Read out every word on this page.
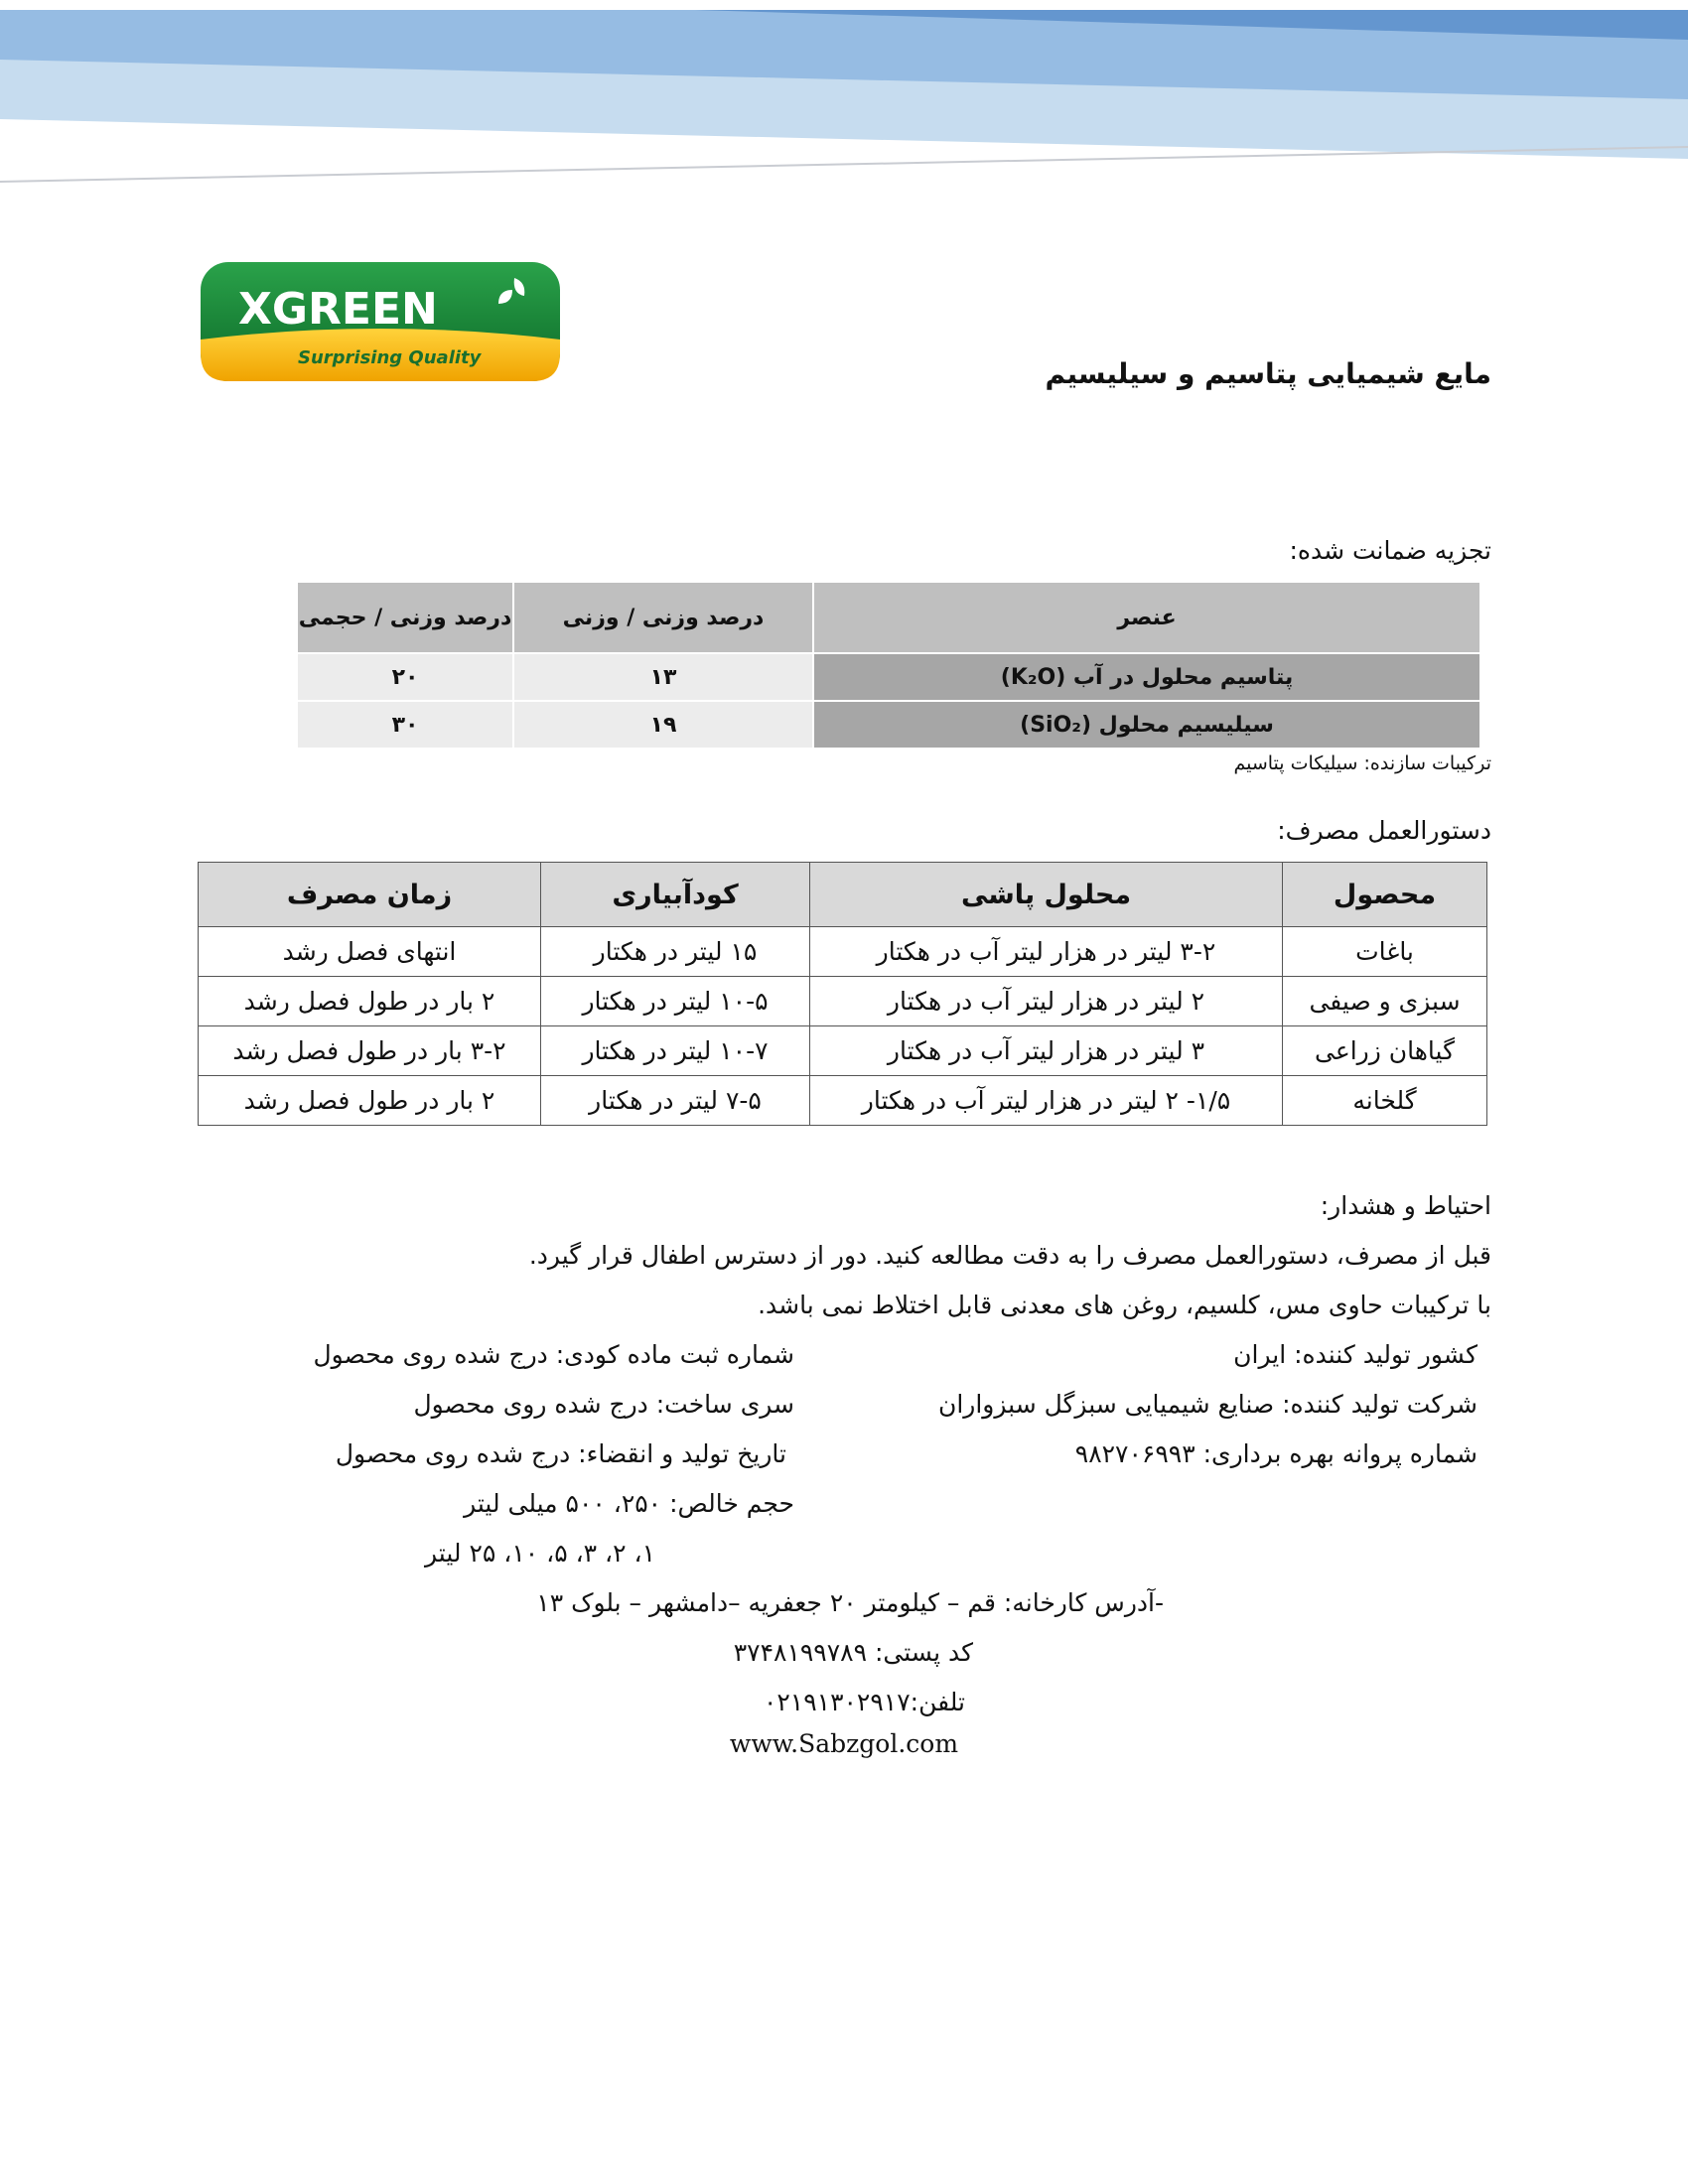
XGREEN
Surprising Quality	مایع شیمیایی پتاسیم و سیلیسیم
تجزیه ضمانت شده:
عنصر	درصد وزنی / وزنی	درصد وزنی / حجمی
پتاسیم محلول در آب (K₂O)	۱۳	۲۰
سیلیسیم محلول (SiO₂)	۱۹	۳۰
ترکیبات سازنده: سیلیکات پتاسیم
دستورالعمل مصرف:
محصول	محلول پاشی	کودآبیاری	زمان مصرف
باغات	۳-۲ لیتر در هزار لیتر آب در هکتار	۱۵ لیتر در هکتار	انتهای فصل رشد
سبزی و صیفی	۲ لیتر در هزار لیتر آب در هکتار	۱۰-۵ لیتر در هکتار	۲ بار در طول فصل رشد
گیاهان زراعی	۳ لیتر در هزار لیتر آب در هکتار	۱۰-۷ لیتر در هکتار	۳-۲ بار در طول فصل رشد
گلخانه	۱/۵- ۲ لیتر در هزار لیتر آب در هکتار	۷-۵ لیتر در هکتار	۲ بار در طول فصل رشد
احتیاط و هشدار:
قبل از مصرف، دستورالعمل مصرف را به دقت مطالعه کنید. دور از دسترس اطفال قرار گیرد.
با ترکیبات حاوی مس، کلسیم، روغن های معدنی قابل اختلاط نمی باشد.
کشور تولید کننده: ایران
شرکت تولید کننده: صنایع شیمیایی سبزگل سبزواران
شماره پروانه بهره برداری: ۹۸۲۷۰۶۹۹۳
شماره ثبت ماده کودی: درج شده روی محصول
سری ساخت: درج شده روی محصول
تاریخ تولید و انقضاء: درج شده روی محصول
حجم خالص: ۲۵۰، ۵۰۰ میلی لیتر
۱، ۲، ۳، ۵، ۱۰، ۲۵ لیتر
-آدرس کارخانه: قم – کیلومتر ۲۰ جعفریه –دامشهر – بلوک ۱۳
کد پستی: ۳۷۴۸۱۹۹۷۸۹
تلفن:۰۲۱۹۱۳۰۲۹۱۷
www.Sabzgol.com
